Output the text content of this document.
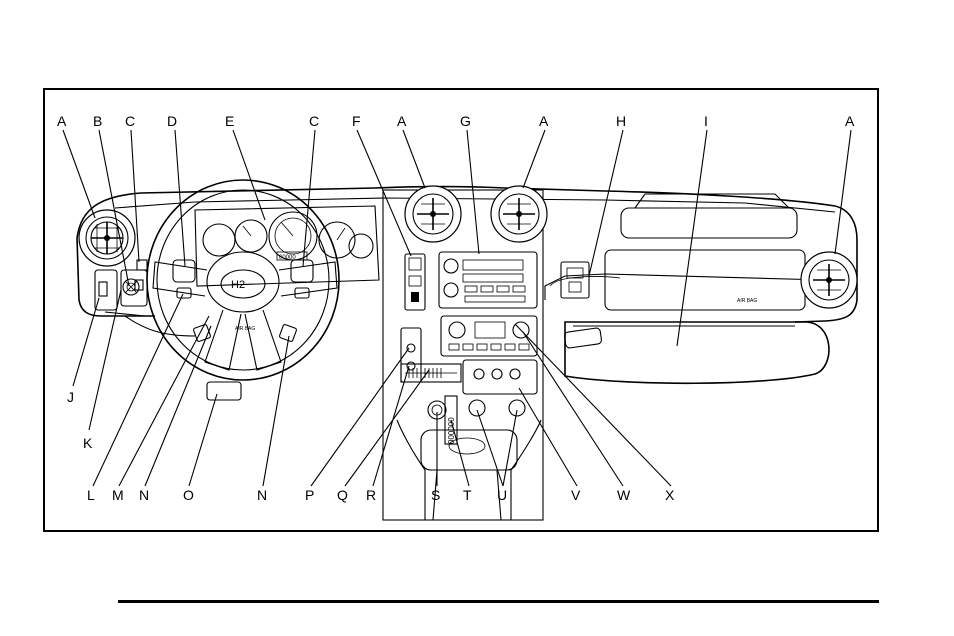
H2
AIR BAG
00000
000000
AIR BAG
A B C D	E	C F	A	G	A	H	I	A
J
K
L M N O	N	P Q R	S T U	V	W X
